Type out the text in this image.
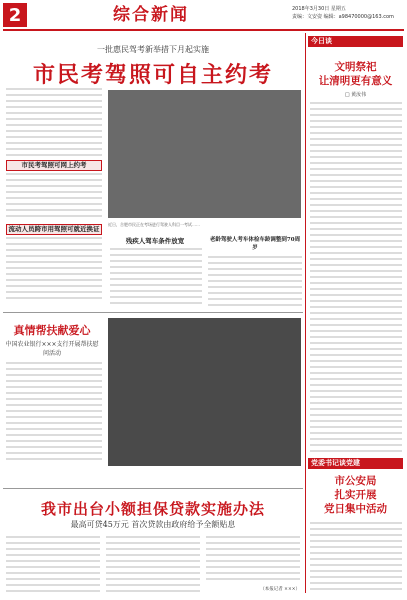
2	综合新闻	2018年3月30日 星期五
责编：文安姿 编辑：a98470000@163.com
一批惠民驾考新举措下月起实施
市民考驾照可自主约考
市民考驾照可网上约考
流动人员跨市用驾照可就近换证
近日，合肥市民正在考场进行驾驶人科目一考试……
残疾人驾车条件放宽	老龄驾驶人考车体检车龄调整到70周岁
今日谈
文明祭祀
让清明更有意义
□ 黄汝伟
党委书记谈党建
市公安局
扎实开展
党日集中活动
真情帮扶献爱心
中国农业银行×××支行开展帮扶慰问活动
我市出台小额担保贷款实施办法
最高可贷45万元 首次贷款由政府给予全额贴息
（本报记者 ×××）
